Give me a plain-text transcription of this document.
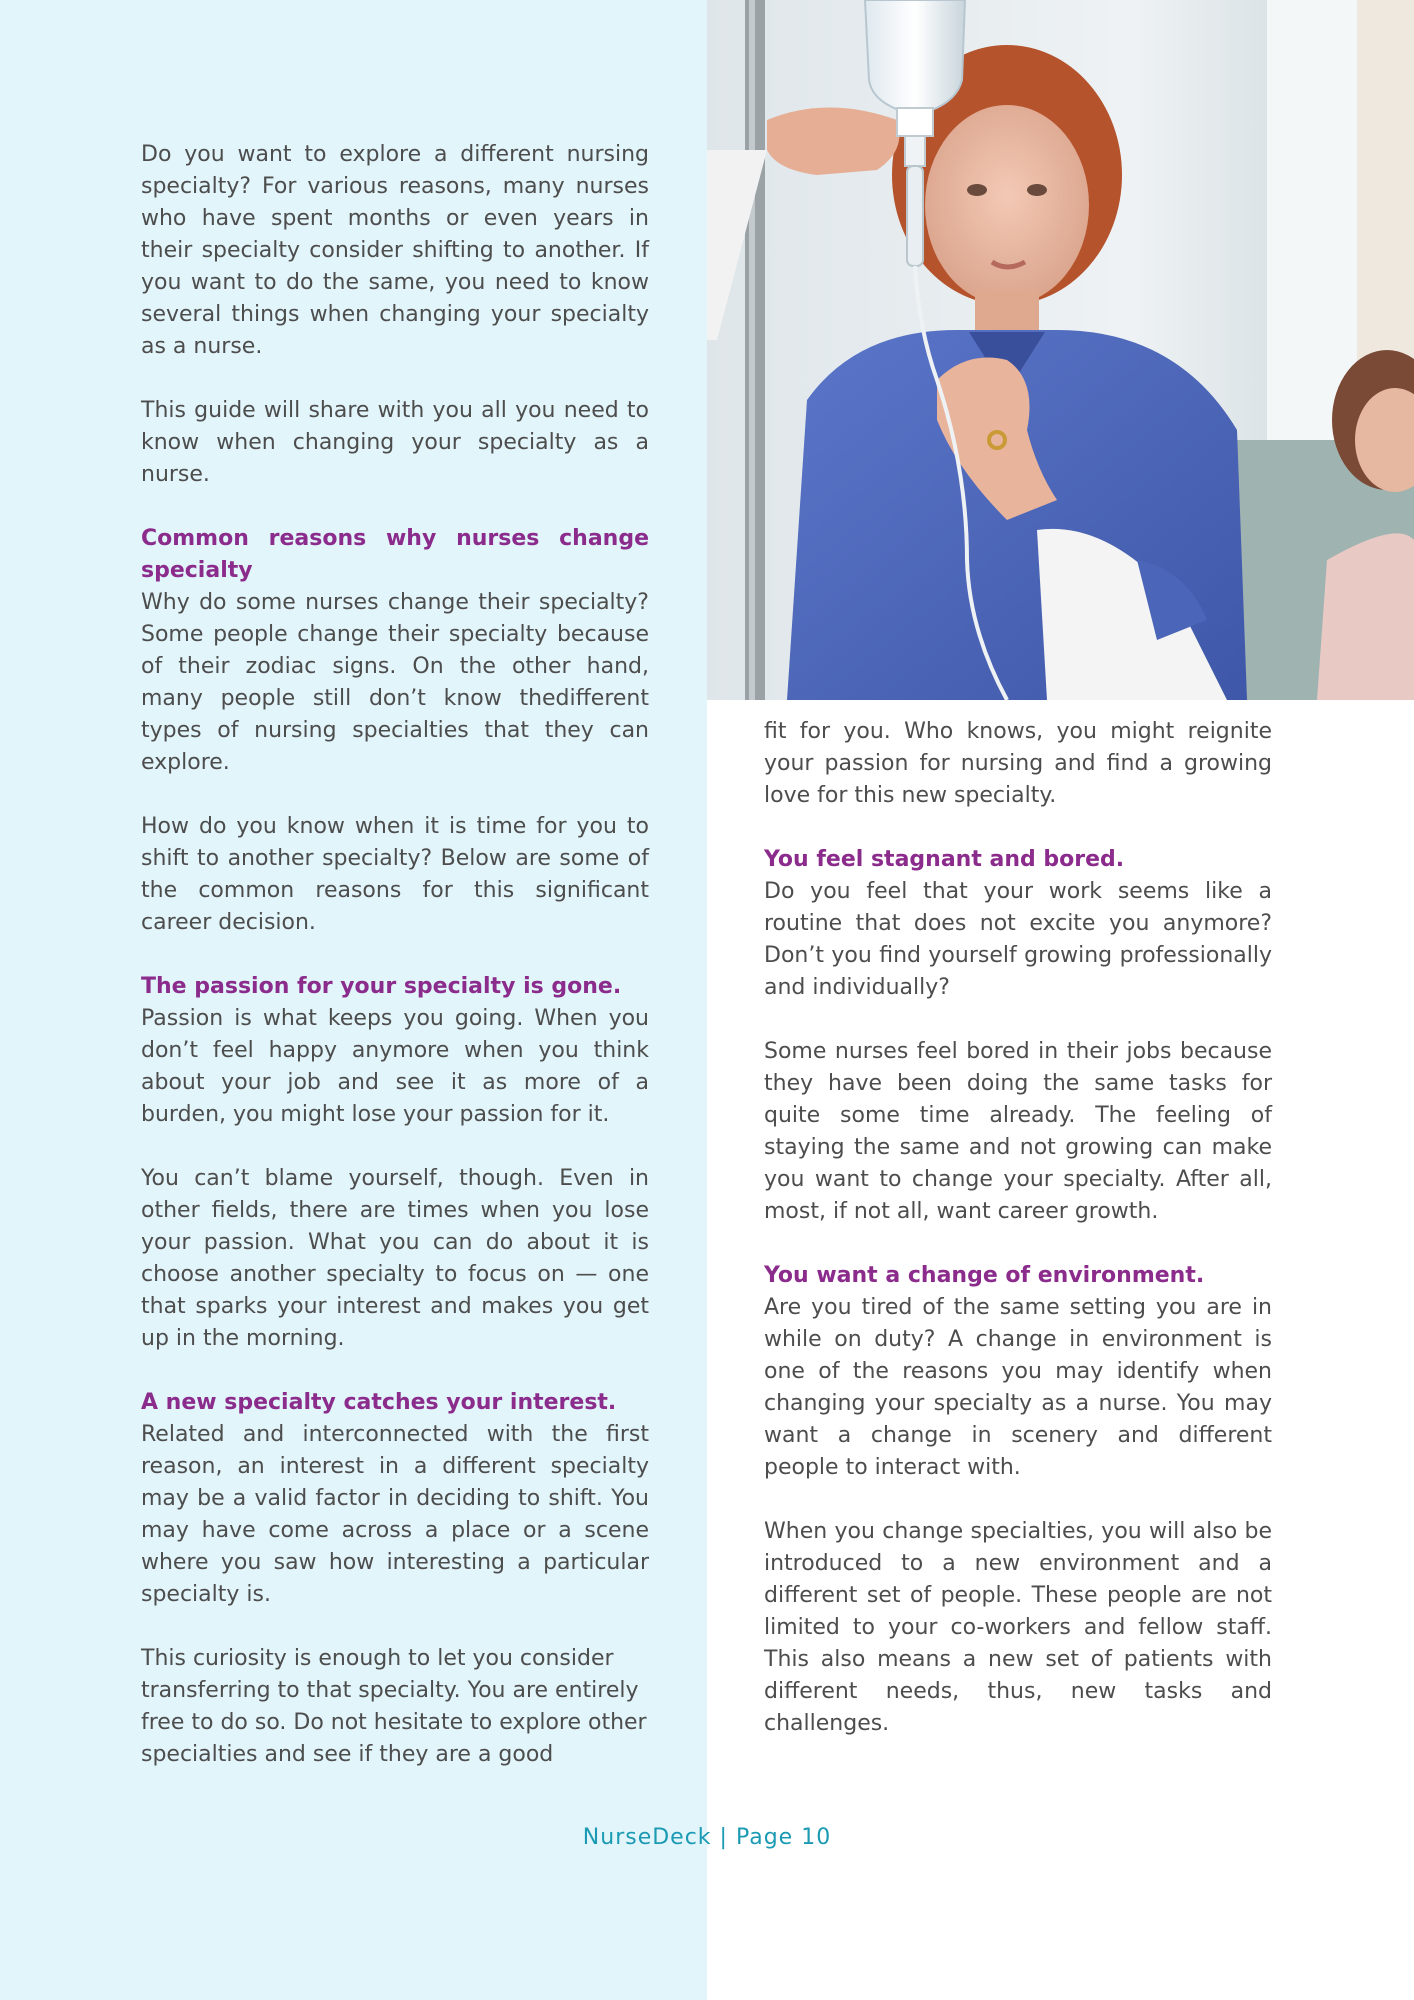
Do you want to explore a different nursing specialty? For various reasons, many nurses who have spent months or even years in their specialty consider shifting to another. If you want to do the same, you need to know several things when changing your specialty as a nurse.

This guide will share with you all you need to know when changing your specialty as a nurse.

Common reasons why nurses change specialty

Why do some nurses change their specialty? Some people change their specialty because of their zodiac signs. On the other hand, many people still don’t know thedifferent types of nursing specialties that they can explore.

How do you know when it is time for you to shift to another specialty? Below are some of the common reasons for this significant career decision.

The passion for your specialty is gone.

Passion is what keeps you going. When you don’t feel happy anymore when you think about your job and see it as more of a burden, you might lose your passion for it.

You can’t blame yourself, though. Even in other fields, there are times when you lose your passion. What you can do about it is choose another specialty to focus on — one that sparks your interest and makes you get up in the morning.

A new specialty catches your interest.

Related and interconnected with the first reason, an interest in a different specialty may be a valid factor in deciding to shift. You may have come across a place or a scene where you saw how interesting a particular specialty is.

This curiosity is enough to let you consider transferring to that specialty. You are entirely free to do so. Do not hesitate to explore other specialties and see if they are a good

fit for you. Who knows, you might reignite your passion for nursing and find a growing love for this new specialty.

You feel stagnant and bored.

Do you feel that your work seems like a routine that does not excite you anymore? Don’t you find yourself growing professionally and individually?

Some nurses feel bored in their jobs because they have been doing the same tasks for quite some time already. The feeling of staying the same and not growing can make you want to change your specialty. After all, most, if not all, want career growth.

You want a change of environment.

Are you tired of the same setting you are in while on duty? A change in environment is one of the reasons you may identify when changing your specialty as a nurse. You may want a change in scenery and different people to interact with.

When you change specialties, you will also be introduced to a new environment and a different set of people. These people are not limited to your co-workers and fellow staff. This also means a new set of patients with different needs, thus, new tasks and challenges.

NurseDeck | Page 10
